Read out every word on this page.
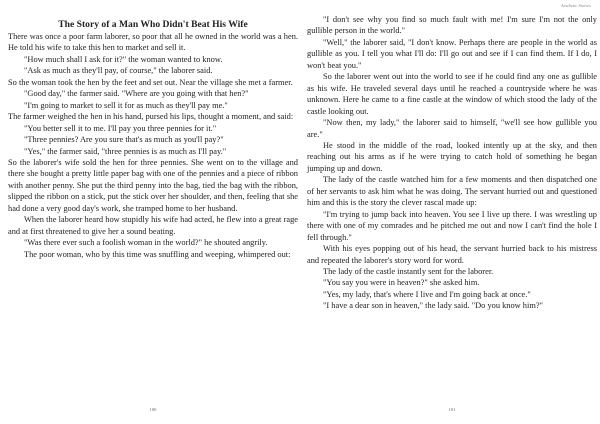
The Story of a Man Who Didn't Beat His Wife

There was once a poor farm laborer, so poor that all he owned in the world was a hen. He told his wife to take this hen to market and sell it.

"How much shall I ask for it?" the woman wanted to know.

"Ask as much as they'll pay, of course," the laborer said.

So the woman took the hen by the feet and set out. Near the village she met a farmer.

"Good day," the farmer said. "Where are you going with that hen?"

"I'm going to market to sell it for as much as they'll pay me."

The farmer weighed the hen in his hand, pursed his lips, thought a moment, and said:

"You better sell it to me. I'll pay you three pennies for it."

"Three pennies? Are you sure that's as much as you'll pay?"

"Yes," the farmer said, "three pennies is as much as I'll pay."

So the laborer's wife sold the hen for three pennies. She went on to the village and there she bought a pretty little paper bag with one of the pennies and a piece of ribbon with another penny. She put the third penny into the bag, tied the bag with the ribbon, slipped the ribbon on a stick, put the stick over her shoulder, and then, feeling that she had done a very good day's work, she tramped home to her husband.

When the laborer heard how stupidly his wife had acted, he flew into a great rage and at first threatened to give her a sound beating.

"Was there ever such a foolish woman in the world?" he shouted angrily.

The poor woman, who by this time was snuffling and weeping, whimpered out:

100
Aesthetic Stories

"I don't see why you find so much fault with me! I'm sure I'm not the only gullible person in the world."

"Well," the laborer said, "I don't know. Perhaps there are people in the world as gullible as you. I tell you what I'll do: I'll go out and see if I can find them. If I do, I won't beat you."

So the laborer went out into the world to see if he could find any one as gullible as his wife. He traveled several days until he reached a countryside where he was unknown. Here he came to a fine castle at the window of which stood the lady of the castle looking out.

"Now then, my lady," the laborer said to himself, "we'll see how gullible you are."

He stood in the middle of the road, looked intently up at the sky, and then reaching out his arms as if he were trying to catch hold of something he began jumping up and down.

The lady of the castle watched him for a few moments and then dispatched one of her servants to ask him what he was doing. The servant hurried out and questioned him and this is the story the clever rascal made up:

"I'm trying to jump back into heaven. You see I live up there. I was wrestling up there with one of my comrades and he pitched me out and now I can't find the hole I fell through."

With his eyes popping out of his head, the servant hurried back to his mistress and repeated the laborer's story word for word.

The lady of the castle instantly sent for the laborer.

"You say you were in heaven?" she asked him.

"Yes, my lady, that's where I live and I'm going back at once."

"I have a dear son in heaven," the lady said. "Do you know him?"

101
